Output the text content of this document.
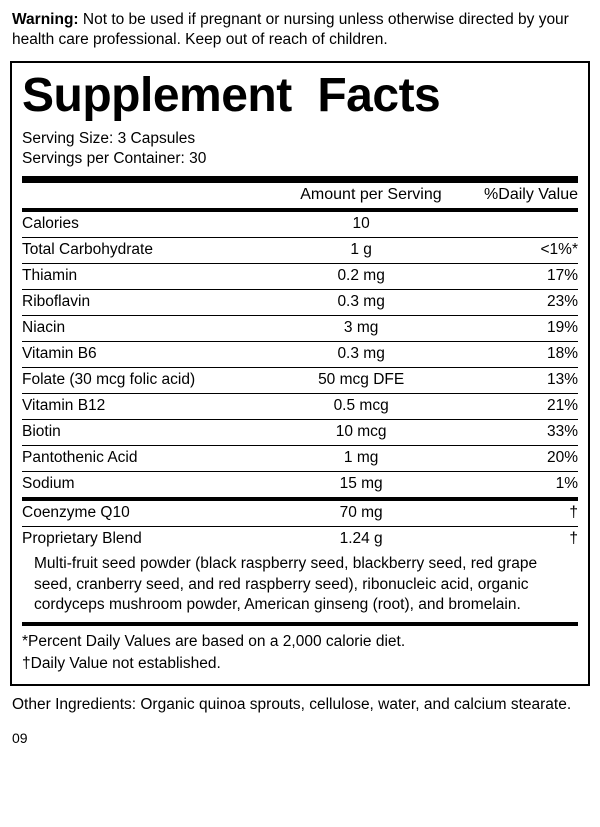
Warning: Not to be used if pregnant or nursing unless otherwise directed by your health care professional. Keep out of reach of children.
Supplement  Facts
Serving Size: 3 Capsules
Servings per Container: 30
	Amount per Serving	%Daily Value
Calories	10	
Total Carbohydrate	1 g	<1%*
Thiamin	0.2 mg	17%
Riboflavin	0.3 mg	23%
Niacin	3 mg	19%
Vitamin B6	0.3 mg	18%
Folate (30 mcg folic acid)	50 mcg DFE	13%
Vitamin B12	0.5 mcg	21%
Biotin	10 mcg	33%
Pantothenic Acid	1 mg	20%
Sodium	15 mg	1%
Coenzyme Q10	70 mg	†
Proprietary Blend	1.24 g	†
Multi-fruit seed powder (black raspberry seed, blackberry seed, red grape seed, cranberry seed, and red raspberry seed), ribonucleic acid, organic cordyceps mushroom powder, American ginseng (root), and bromelain.
*Percent Daily Values are based on a 2,000 calorie diet.
†Daily Value not established.
Other Ingredients: Organic quinoa sprouts, cellulose, water, and calcium stearate.
09
